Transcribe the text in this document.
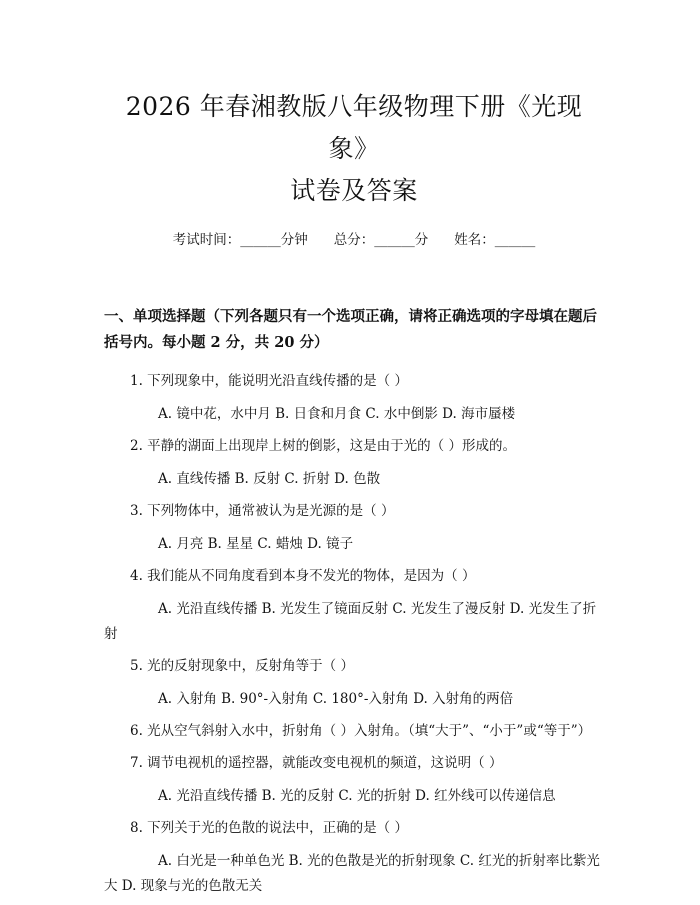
2026 年春湘教版八年级物理下册《光现象》
试卷及答案
考试时间：______分钟 总分：______分 姓名：______
一、单项选择题（下列各题只有一个选项正确，请将正确选项的字母填在题后括号内。每小题 2 分，共 20 分）

1. 下列现象中，能说明光沿直线传播的是（ ）

A. 镜中花，水中月 B. 日食和月食 C. 水中倒影 D. 海市蜃楼

2. 平静的湖面上出现岸上树的倒影，这是由于光的（ ）形成的。

A. 直线传播 B. 反射 C. 折射 D. 色散

3. 下列物体中，通常被认为是光源的是（ ）

A. 月亮 B. 星星 C. 蜡烛 D. 镜子

4. 我们能从不同角度看到本身不发光的物体，是因为（ ）

A. 光沿直线传播 B. 光发生了镜面反射 C. 光发生了漫反射 D. 光发生了折射

5. 光的反射现象中，反射角等于（ ）

A. 入射角 B. 90°-入射角 C. 180°-入射角 D. 入射角的两倍

6. 光从空气斜射入水中，折射角（ ）入射角。（填“大于”、“小于”或“等于”）

7. 调节电视机的遥控器，就能改变电视机的频道，这说明（ ）

A. 光沿直线传播 B. 光的反射 C. 光的折射 D. 红外线可以传递信息

8. 下列关于光的色散的说法中，正确的是（ ）

A. 白光是一种单色光 B. 光的色散是光的折射现象 C. 红光的折射率比紫光大 D. 现象与光的色散无关
